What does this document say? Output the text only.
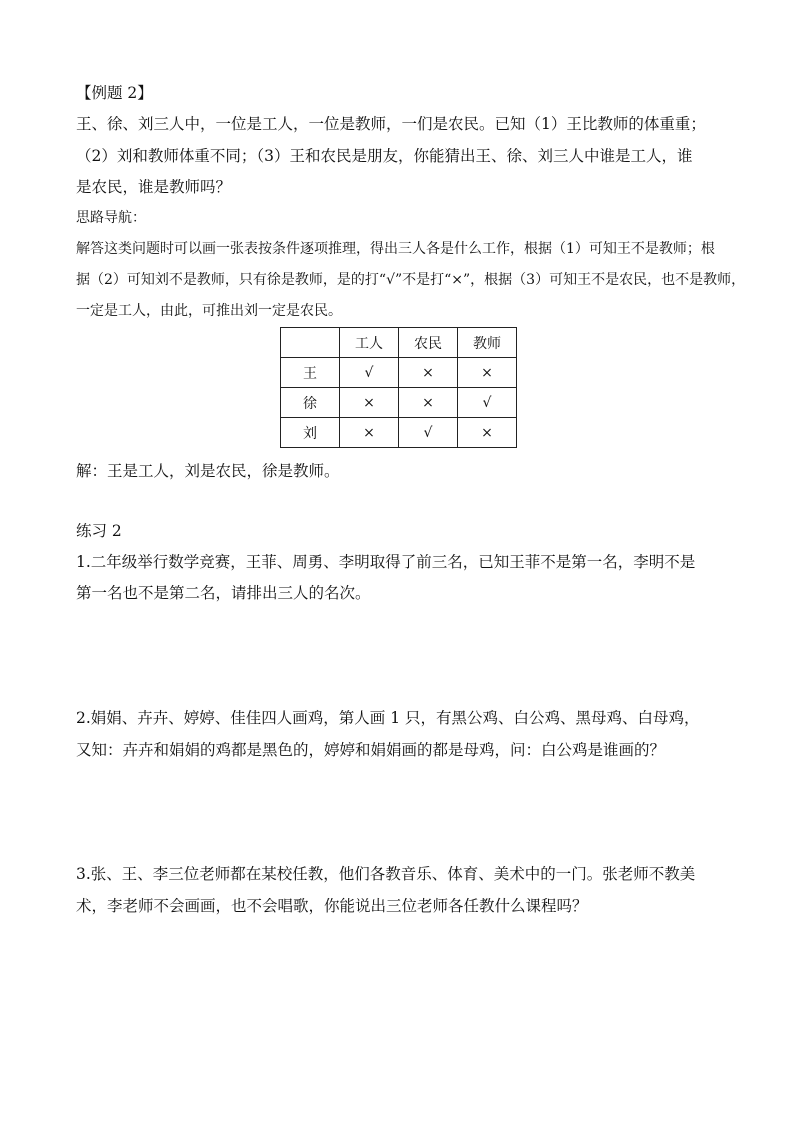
【例题 2】
王、徐、刘三人中，一位是工人，一位是教师，一们是农民。已知（1）王比教师的体重重；
（2）刘和教师体重不同；（3）王和农民是朋友，你能猜出王、徐、刘三人中谁是工人，谁
是农民，谁是教师吗？
思路导航：
解答这类问题时可以画一张表按条件逐项推理，得出三人各是什么工作，根据（1）可知王不是教师；根
据（2）可知刘不是教师，只有徐是教师，是的打“√”不是打“×”，根据（3）可知王不是农民，也不是教师，
一定是工人，由此，可推出刘一定是农民。
	工人	农民	教师
王	√	×	×
徐	×	×	√
刘	×	√	×
解：王是工人，刘是农民，徐是教师。
练习 2
1.二年级举行数学竞赛，王菲、周勇、李明取得了前三名，已知王菲不是第一名，李明不是
第一名也不是第二名，请排出三人的名次。
2.娟娟、卉卉、婷婷、佳佳四人画鸡，第人画 1 只，有黑公鸡、白公鸡、黑母鸡、白母鸡，
又知：卉卉和娟娟的鸡都是黑色的，婷婷和娟娟画的都是母鸡，问：白公鸡是谁画的？
3.张、王、李三位老师都在某校任教，他们各教音乐、体育、美术中的一门。张老师不教美
术，李老师不会画画，也不会唱歌，你能说出三位老师各任教什么课程吗？
